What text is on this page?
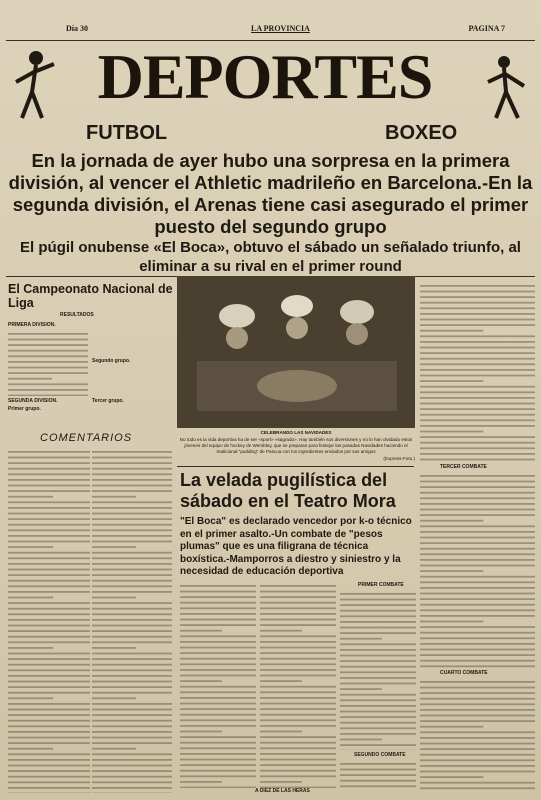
Día 30	LA PROVINCIA	PAGINA 7
DEPORTES
FUTBOL	BOXEO
En la jornada de ayer hubo una sorpresa en la primera división, al vencer el Athletic madrileño en Barcelona.-En la segunda división, el Arenas tiene casi asegurado el primer puesto del segundo grupo
El púgil onubense «El Boca», obtuvo el sábado un señalado triunfo, al eliminar a su rival en el primer round
El Campeonato Nacional de Liga
RESULTADOS
PRIMERA DIVISION.
SEGUNDA DIVISION.
Primer grupo.
Segundo grupo.
Tercer grupo.
COMENTARIOS	CELEBRANDO LAS NAVIDADES
No todo es la vida deportiva ha de ser «sport» «sagrado». Hay también sus diversiones y no lo han olvidado estos jóvenes del equipo de hockey de Wembley, que se preparan para festejar las pasadas Navidades haciendo el tradicional "pudding" de Pascua con los ingredientes enviados por sus amigos
(Express-Foto.)
TERCER COMBATE
CUARTO COMBATE
La velada pugilística del sábado en el Teatro Mora
"El Boca" es declarado vencedor por k-o técnico en el primer asalto.-Un combate de "pesos plumas" que es una filigrana de técnica boxística.-Mamporros a diestro y siniestro y la necesidad de educación deportiva
PRIMER COMBATE
SEGUNDO COMBATE
A DIEZ DE LAS HERAS
